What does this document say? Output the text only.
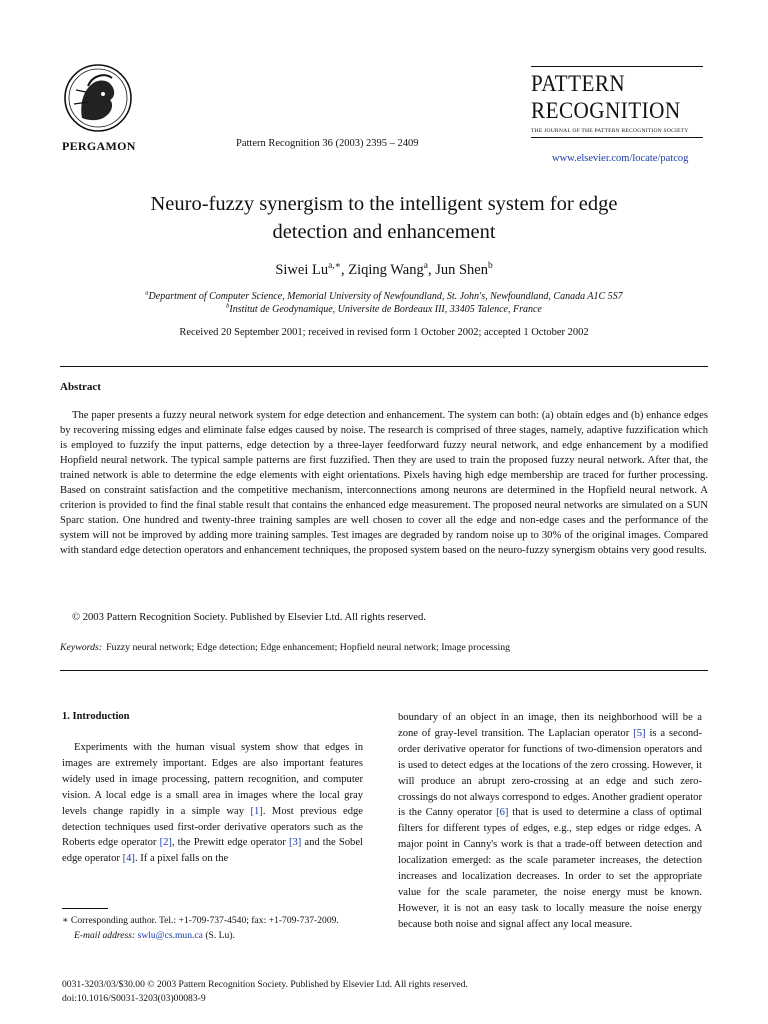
PERGAMON	Pattern Recognition 36 (2003) 2395 – 2409
PATTERN
RECOGNITION
THE JOURNAL OF THE PATTERN RECOGNITION SOCIETY
www.elsevier.com/locate/patcog
Neuro-fuzzy synergism to the intelligent system for edge
detection and enhancement
Siwei $Lu^{a,∗}$, Ziqing Wang$^a$, Jun Shen$^b$
$^a$Department of Computer Science, Memorial University of Newfoundland, St. John's, Newfoundland, Canada A1C 5S7
$^b$Institut de Geodynamique, Universite de Bordeaux III, 33405 Talence, France
Received 20 September 2001; received in revised form 1 October 2002; accepted 1 October 2002
Abstract

The paper presents a fuzzy neural network system for edge detection and enhancement. The system can both: (a) obtain edges and (b) enhance edges by recovering missing edges and eliminate false edges caused by noise. The research is comprised of three stages, namely, adaptive fuzzification which is employed to fuzzify the input patterns, edge detection by a three-layer feedforward fuzzy neural network, and edge enhancement by a modified Hopfield neural network. The typical sample patterns are first fuzzified. Then they are used to train the proposed fuzzy neural network. After that, the trained network is able to determine the edge elements with eight orientations. Pixels having high edge membership are traced for further processing. Based on constraint satisfaction and the competitive mechanism, interconnections among neurons are determined in the Hopfield neural network. A criterion is provided to find the final stable result that contains the enhanced edge measurement. The proposed neural networks are simulated on a SUN Sparc station. One hundred and twenty-three training samples are well chosen to cover all the edge and non-edge cases and the performance of the system will not be improved by adding more training samples. Test images are degraded by random noise up to 30% of the original images. Compared with standard edge detection operators and enhancement techniques, the proposed system based on the neuro-fuzzy synergism obtains very good results.

© 2003 Pattern Recognition Society. Published by Elsevier Ltd. All rights reserved.
Keywords: Fuzzy neural network; Edge detection; Edge enhancement; Hopfield neural network; Image processing
1. Introduction

Experiments with the human visual system show that edges in images are extremely important. Edges are also important features widely used in image processing, pattern recognition, and computer vision. A local edge is a small area in images where the local gray levels change rapidly in a simple way [1]. Most previous edge detection techniques used first-order derivative operators such as the Roberts edge operator [2], the Prewitt edge operator [3] and the Sobel edge operator [4]. If a pixel falls on the

boundary of an object in an image, then its neighborhood will be a zone of gray-level transition. The Laplacian operator [5] is a second-order derivative operator for functions of two-dimension operators and is used to detect edges at the locations of the zero crossing. However, it will produce an abrupt zero-crossing at an edge and such zero-crossings do not always correspond to edges. Another gradient operator is the Canny operator [6] that is used to determine a class of optimal filters for different types of edges, e.g., step edges or ridge edges. A major point in Canny's work is that a trade-off between detection and localization emerged: as the scale parameter increases, the detection increases and localization decreases. In order to set the appropriate value for the scale parameter, the noise energy must be known. However, it is not an easy task to locally measure the noise energy because both noise and signal affect any local measure.

∗ Corresponding author. Tel.: +1-709-737-4540; fax: +1-709-737-2009.
E-mail address: swlu@cs.mun.ca (S. Lu).

0031-3203/03/$30.00 © 2003 Pattern Recognition Society. Published by Elsevier Ltd. All rights reserved.
doi:10.1016/S0031-3203(03)00083-9
